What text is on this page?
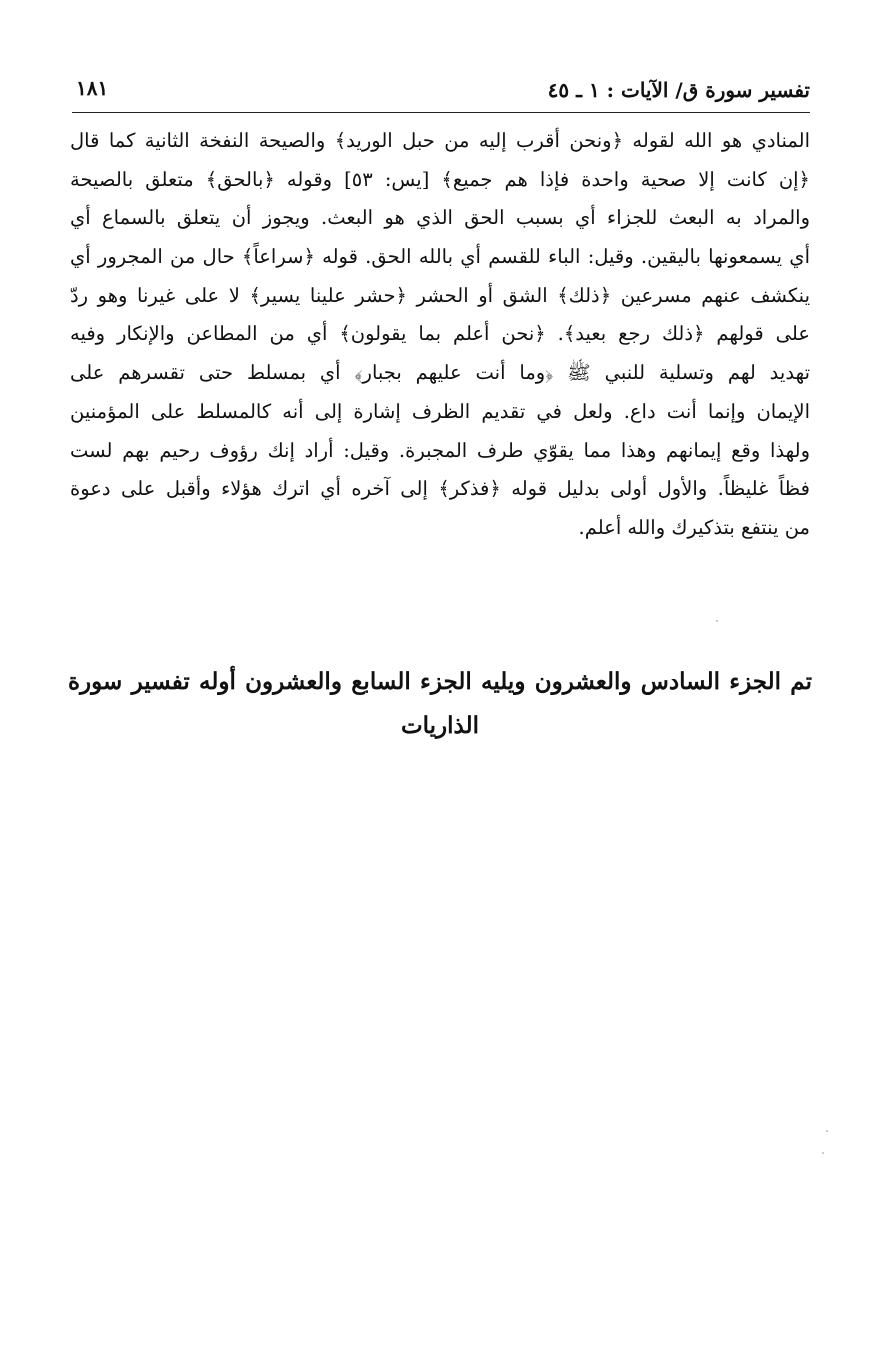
تفسير سورة ق/ الآيات : ١ ـ ٤٥
١٨١
المنادي هو الله لقوله ﴿ونحن أقرب إليه من حبل الوريد﴾ والصيحة النفخة الثانية كما قال
﴿إن كانت إلا صحية واحدة فإذا هم جميع﴾ [يس: ٥٣] وقوله ﴿بالحق﴾ متعلق بالصيحة
والمراد به البعث للجزاء أي بسبب الحق الذي هو البعث. ويجوز أن يتعلق بالسماع أي
أي يسمعونها باليقين. وقيل: الباء للقسم أي بالله الحق. قوله ﴿سراعاً﴾ حال من المجرور أي
ينكشف عنهم مسرعين ﴿ذلك﴾ الشق أو الحشر ﴿حشر علينا يسير﴾ لا على غيرنا وهو ردّ
على قولهم ﴿ذلك رجع بعيد﴾. ﴿نحن أعلم بما يقولون﴾ أي من المطاعن والإنكار وفيه
تهديد لهم وتسلية للنبي ﷺ ﴿وما أنت عليهم بجبار﴾ أي بمسلط حتى تقسرهم على
الإيمان وإنما أنت داع. ولعل في تقديم الظرف إشارة إلى أنه كالمسلط على المؤمنين
ولهذا وقع إيمانهم وهذا مما يقوّي طرف المجبرة. وقيل: أراد إنك رؤوف رحيم بهم لست
فظاً غليظاً. والأول أولى بدليل قوله ﴿فذكر﴾ إلى آخره أي اترك هؤلاء وأقبل على دعوة
من ينتفع بتذكيرك والله أعلم.
تم الجزء السادس والعشرون ويليه الجزء السابع والعشرون أوله تفسير سورة
الذاريات
